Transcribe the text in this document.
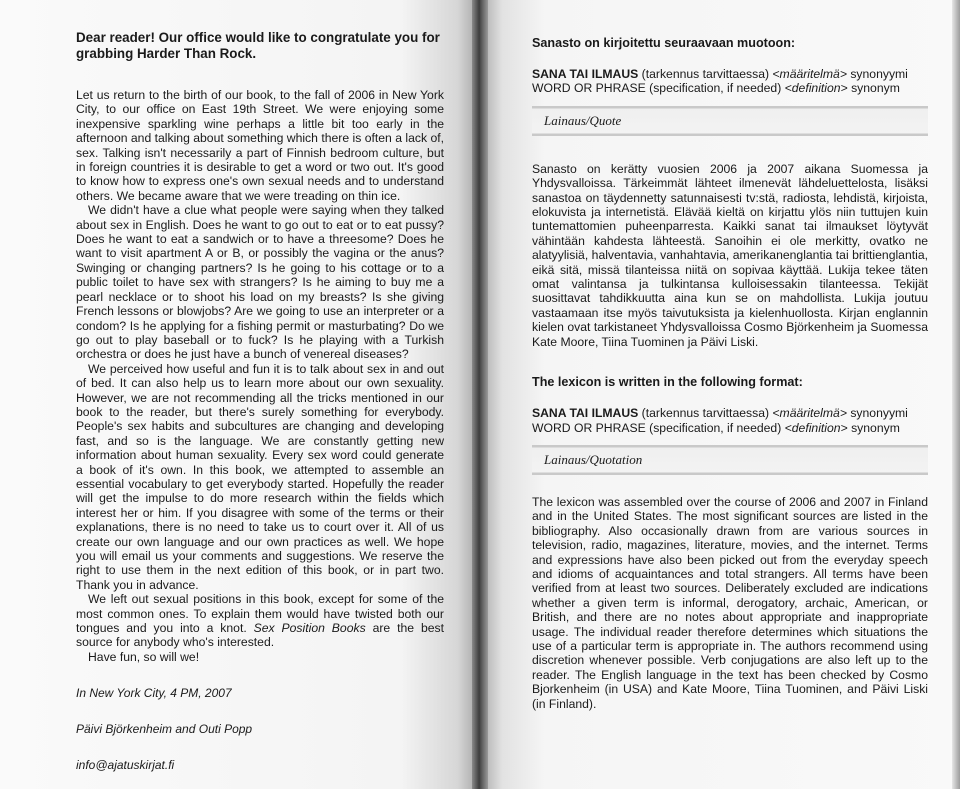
Dear reader! Our office would like to congratulate you for grabbing Harder Than Rock.

Let us return to the birth of our book, to the fall of 2006 in New York City, to our office on East 19th Street. We were enjoying some inexpensive sparkling wine perhaps a little bit too early in the afternoon and talking about something which there is often a lack of, sex. Talking isn't necessarily a part of Finnish bedroom culture, but in foreign countries it is desirable to get a word or two out. It's good to know how to express one's own sexual needs and to understand others. We became aware that we were treading on thin ice.

We didn't have a clue what people were saying when they talked about sex in English. Does he want to go out to eat or to eat pussy? Does he want to eat a sandwich or to have a threesome? Does he want to visit apartment A or B, or possibly the vagina or the anus? Swinging or changing partners? Is he going to his cottage or to a public toilet to have sex with strangers? Is he aiming to buy me a pearl necklace or to shoot his load on my breasts? Is she giving French lessons or blowjobs? Are we going to use an interpreter or a condom? Is he applying for a fishing permit or masturbating? Do we go out to play baseball or to fuck? Is he playing with a Turkish orchestra or does he just have a bunch of venereal diseases?

We perceived how useful and fun it is to talk about sex in and out of bed. It can also help us to learn more about our own sexuality. However, we are not recommending all the tricks mentioned in our book to the reader, but there's surely something for everybody. People's sex habits and subcultures are changing and developing fast, and so is the language. We are constantly getting new information about human sexuality. Every sex word could generate a book of it's own. In this book, we attempted to assemble an essential vocabulary to get everybody started. Hopefully the reader will get the impulse to do more research within the fields which interest her or him. If you disagree with some of the terms or their explanations, there is no need to take us to court over it. All of us create our own language and our own practices as well. We hope you will email us your comments and suggestions. We reserve the right to use them in the next edition of this book, or in part two. Thank you in advance.

We left out sexual positions in this book, except for some of the most common ones. To explain them would have twisted both our tongues and you into a knot. Sex Position Books are the best source for anybody who's interested.

Have fun, so will we!

In New York City, 4 PM, 2007

Päivi Björkenheim and Outi Popp

info@ajatuskirjat.fi

Sanasto on kirjoitettu seuraavaan muotoon:

SANA TAI ILMAUS (tarkennus tarvittaessa) <määritelmä> synonyymi

WORD OR PHRASE (specification, if needed) <definition> synonym

Lainaus/Quote

Sanasto on kerätty vuosien 2006 ja 2007 aikana Suomessa ja Yhdysvalloissa. Tärkeimmät lähteet ilmenevät lähdeluettelosta, lisäksi sanastoa on täydennetty satunnaisesti tv:stä, radiosta, lehdistä, kirjoista, elokuvista ja internetistä. Elävää kieltä on kirjattu ylös niin tuttujen kuin tuntemattomien puheenparresta. Kaikki sanat tai ilmaukset löytyvät vähintään kahdesta lähteestä. Sanoihin ei ole merkitty, ovatko ne alatyylisiä, halventavia, vanhahtavia, amerikanenglantia tai brittienglantia, eikä sitä, missä tilanteissa niitä on sopivaa käyttää. Lukija tekee täten omat valintansa ja tulkintansa kulloisessakin tilanteessa. Tekijät suosittavat tahdikkuutta aina kun se on mahdollista. Lukija joutuu vastaamaan itse myös taivutuksista ja kielenhuollosta. Kirjan englannin kielen ovat tarkistaneet Yhdysvalloissa Cosmo Björkenheim ja Suomessa Kate Moore, Tiina Tuominen ja Päivi Liski.

The lexicon is written in the following format:

SANA TAI ILMAUS (tarkennus tarvittaessa) <määritelmä> synonyymi

WORD OR PHRASE (specification, if needed) <definition> synonym

Lainaus/Quotation

The lexicon was assembled over the course of 2006 and 2007 in Finland and in the United States. The most significant sources are listed in the bibliography. Also occasionally drawn from are various sources in television, radio, magazines, literature, movies, and the internet. Terms and expressions have also been picked out from the everyday speech and idioms of acquaintances and total strangers. All terms have been verified from at least two sources. Deliberately excluded are indications whether a given term is informal, derogatory, archaic, American, or British, and there are no notes about appropriate and inappropriate usage. The individual reader therefore determines which situations the use of a particular term is appropriate in. The authors recommend using discretion whenever possible. Verb conjugations are also left up to the reader. The English language in the text has been checked by Cosmo Bjorkenheim (in USA) and Kate Moore, Tiina Tuominen, and Päivi Liski (in Finland).
